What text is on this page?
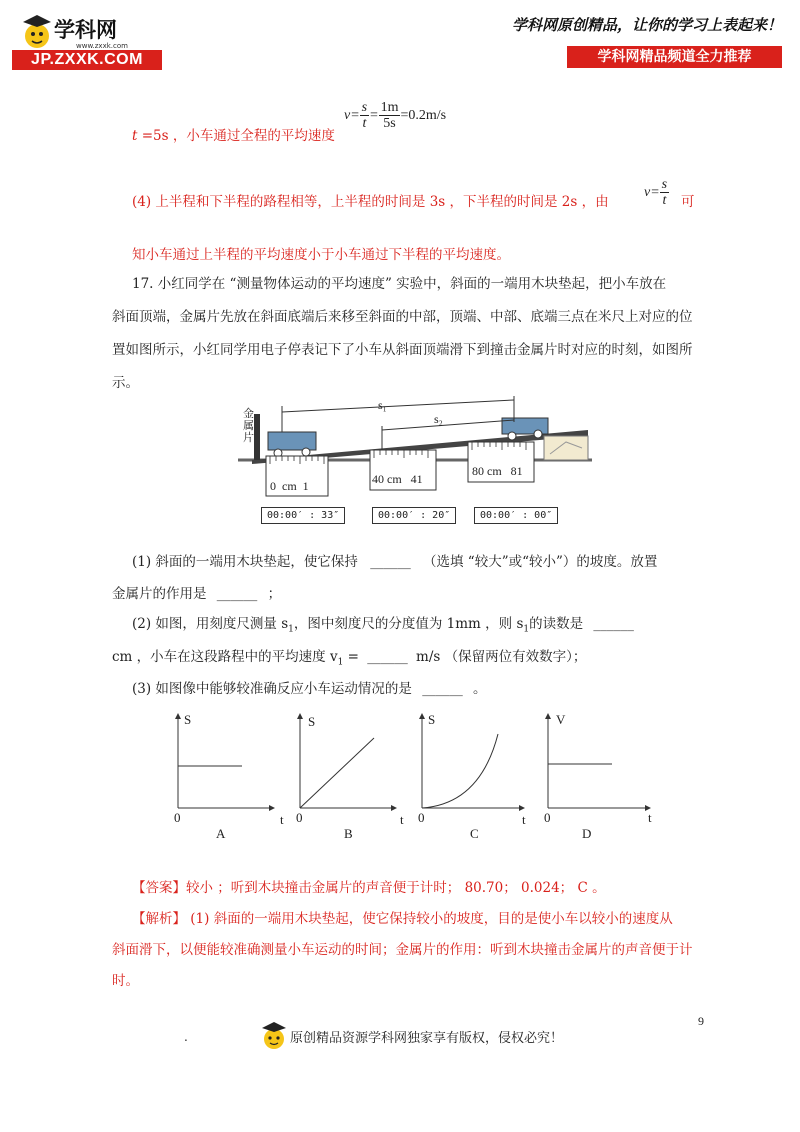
学科网
www.zxxk.com
JP.ZXXK.COM
学科网原创精品，让你的学习上表起来！
学科网精品频道全力推荐
t =5s ，小车通过全程的平均速度
$v= \frac{s}{t} = \frac{1m}{5s} =0.2m/s$
(4) 上半程和下半程的路程相等，上半程的时间是 3s ，下半程的时间是 2s ，由
$v= \frac{s}{t}$ 可
知小车通过上半程的平均速度小于小车通过下半程的平均速度。
17. 小红同学在 “测量物体运动的平均速度” 实验中，斜面的一端用木块垫起，把小车放在
斜面顶端，金属片先放在斜面底端后来移至斜面的中部，顶端、中部、底端三点在米尺上对应的位
置如图所示，小红同学用电子停表记下了小车从斜面顶端滑下到撞击金属片时对应的时刻，如图所
示。
金属片
s₁
s₂
0  cm  1	40 cm   41
80 cm   81
00:00′ : 33″	00:00′ : 20″	00:00′ : 00″
(1) 斜面的一端用木块垫起，使它保持 ______ （选填 “较大”或“较小”）的坡度。放置
金属片的作用是 ______ ；
(2) 如图，用刻度尺测量 $s_1$，图中刻度尺的分度值为 1mm ，则 $s_1$的读数是 ______
cm ，小车在这段路程中的平均速度 $v_1$ = ______ m/s （保留两位有效数字）；
(3) 如图像中能够较准确反应小车运动情况的是 ______ 。
S
0	t
A
S
0	t
B
S
0	t
C
V
0	t
D
【答案】较小 ；听到木块撞击金属片的声音便于计时； 80.70； 0.024； C 。
【解析】 (1) 斜面的一端用木块垫起，使它保持较小的坡度，目的是使小车以较小的速度从
斜面滑下，以便能较准确测量小车运动的时间；金属片的作用：听到木块撞击金属片的声音便于计
时。
9
.	原创精品资源学科网独家享有版权，侵权必究！
